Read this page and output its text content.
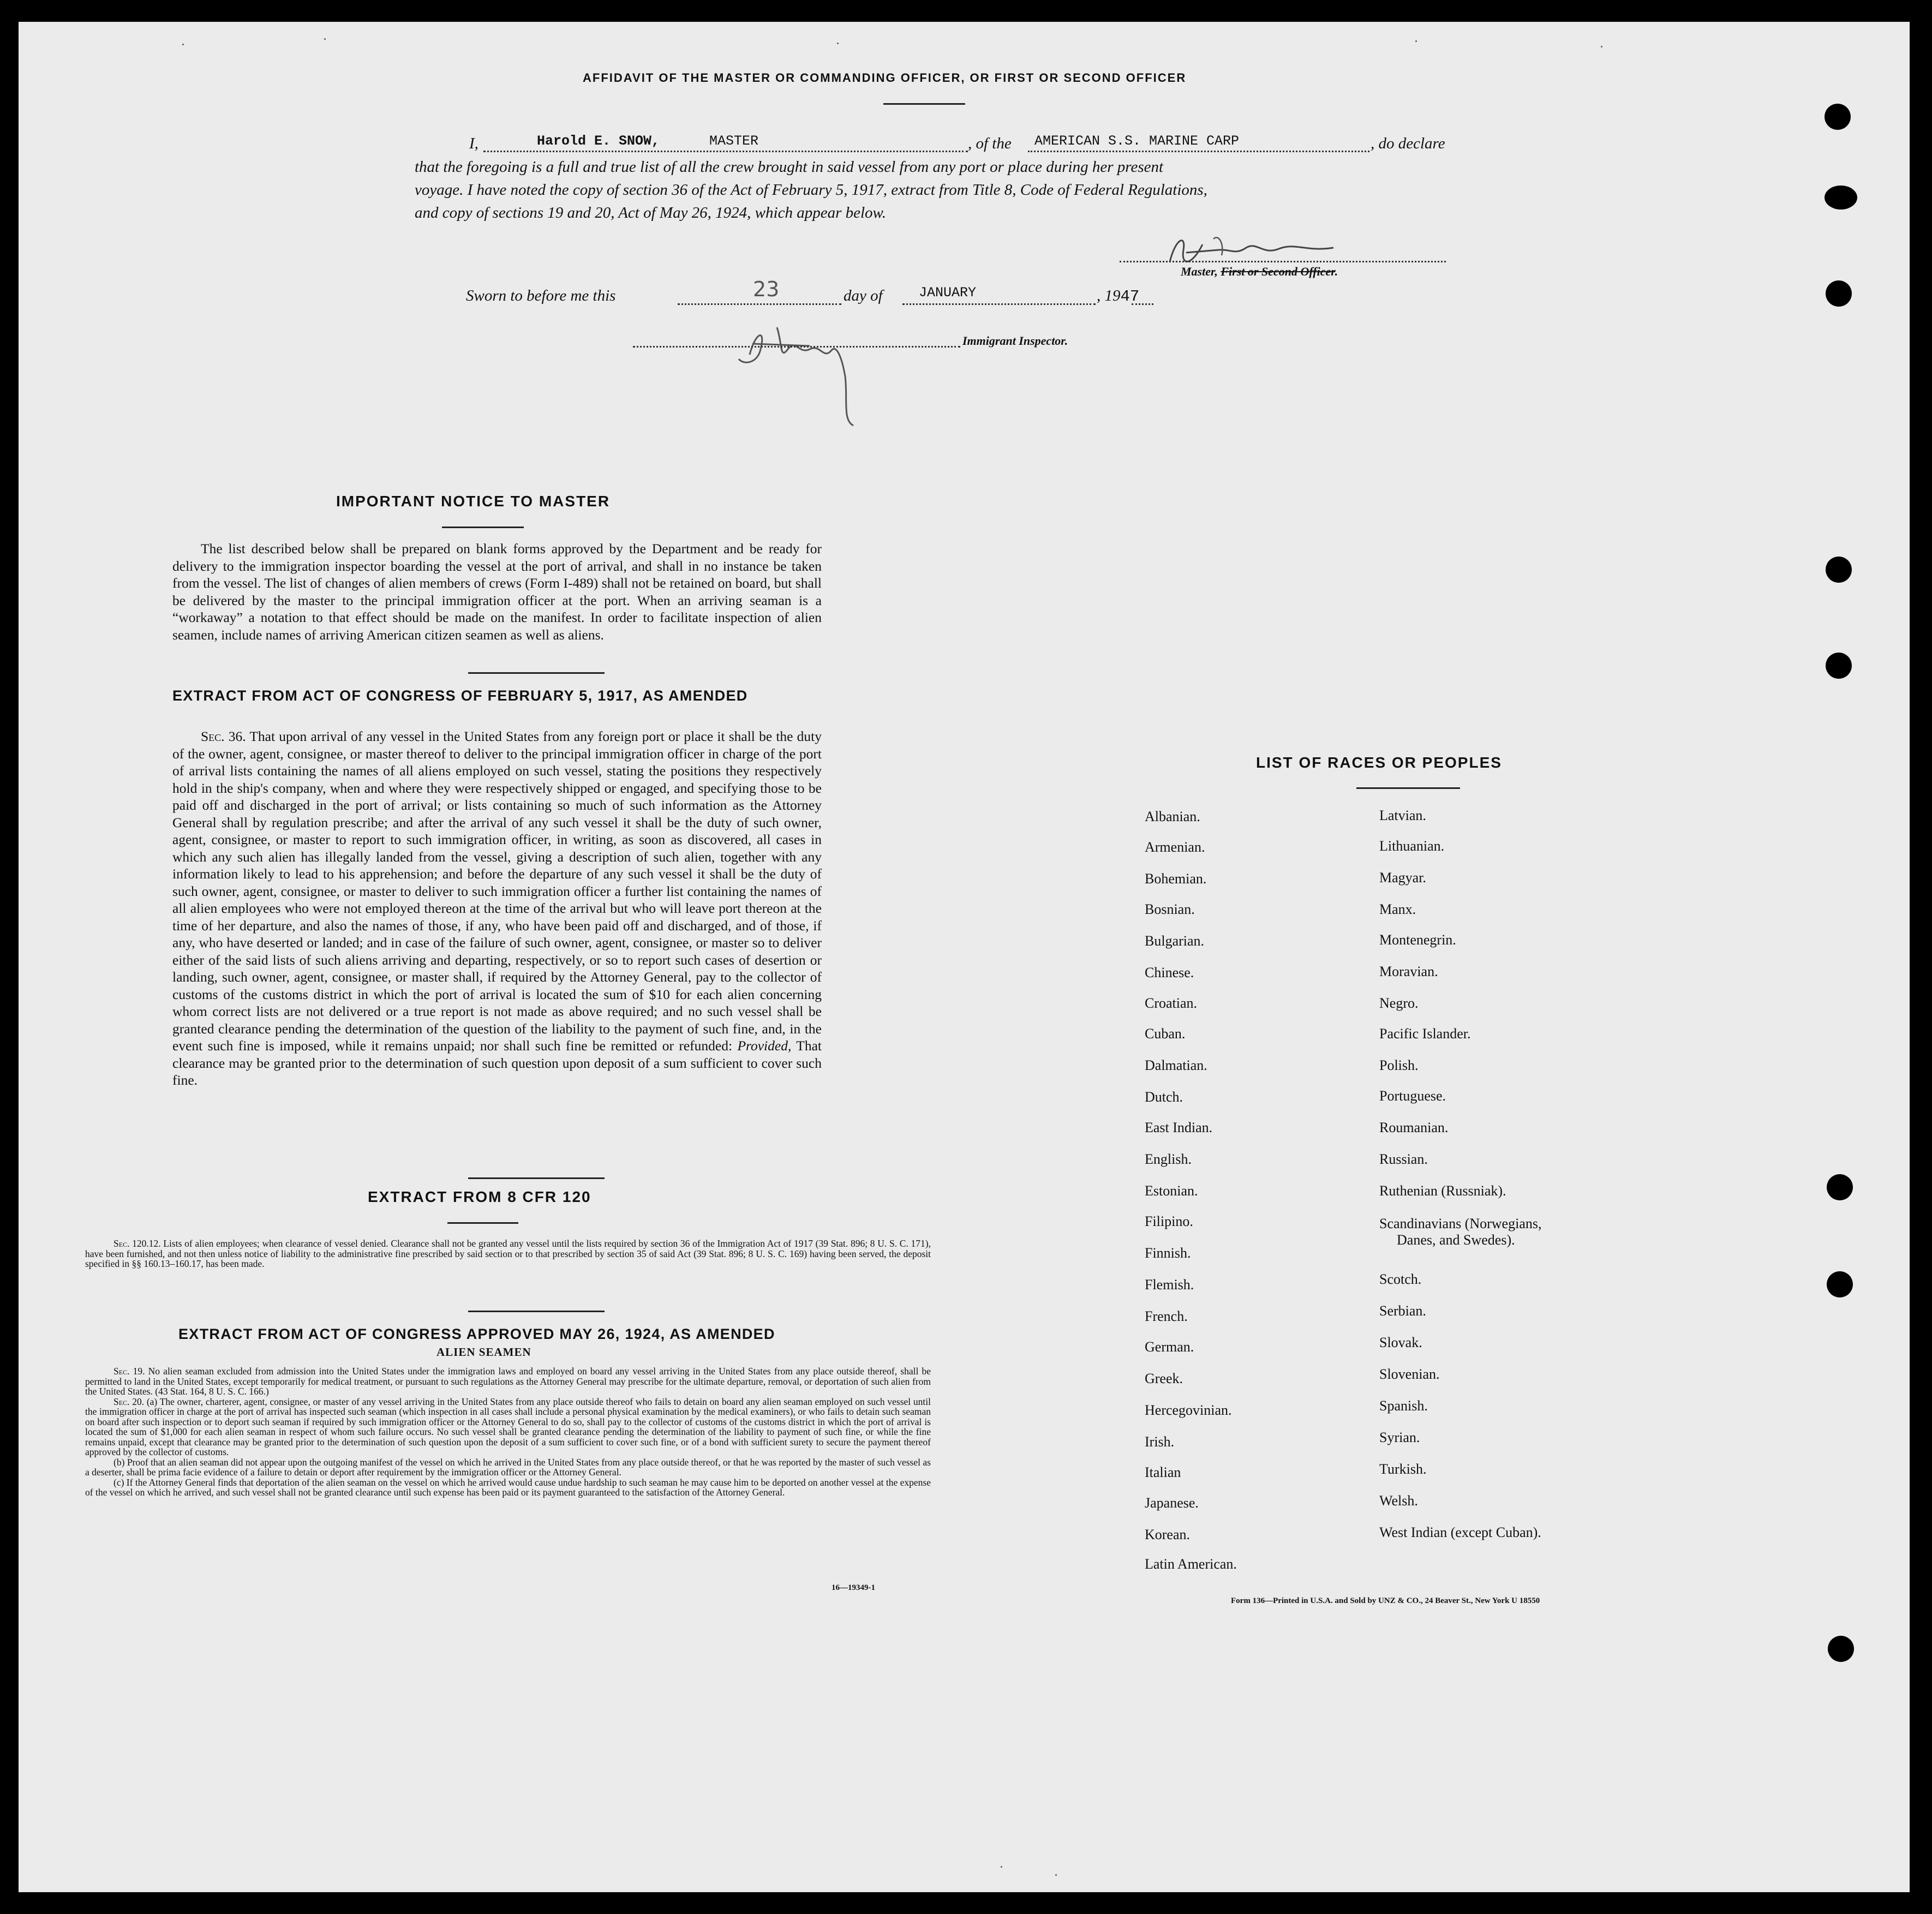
AFFIDAVIT OF THE MASTER OR COMMANDING OFFICER, OR FIRST OR SECOND OFFICER
I,	Harold E. SNOW,	MASTER	, of the AMERICAN S.S. MARINE CARP	, do declare
that the foregoing is a full and true list of all the crew brought in said vessel from any port or place during her present
voyage. I have noted the copy of section 36 of the Act of February 5, 1917, extract from Title 8, Code of Federal Regulations,
and copy of sections 19 and 20, Act of May 26, 1924, which appear below.
Master, First or Second Officer.
Sworn to before me this	23	day of	JANUARY	, 1947
Immigrant Inspector.
IMPORTANT NOTICE TO MASTER
The list described below shall be prepared on blank forms approved by the Department and be ready for delivery to the immigration inspector boarding the vessel at the port of arrival, and shall in no instance be taken from the vessel. The list of changes of alien members of crews (Form I-489) shall not be retained on board, but shall be delivered by the master to the principal immigration officer at the port. When an arriving seaman is a “workaway” a notation to that effect should be made on the manifest. In order to facilitate inspection of alien seamen, include names of arriving American citizen seamen as well as aliens.
EXTRACT FROM ACT OF CONGRESS OF FEBRUARY 5, 1917, AS AMENDED
Sec. 36. That upon arrival of any vessel in the United States from any foreign port or place it shall be the duty of the owner, agent, consignee, or master thereof to deliver to the principal immigration officer in charge of the port of arrival lists containing the names of all aliens employed on such vessel, stating the positions they respectively hold in the ship's company, when and where they were respectively shipped or engaged, and specifying those to be paid off and discharged in the port of arrival; or lists containing so much of such information as the Attorney General shall by regulation prescribe; and after the arrival of any such vessel it shall be the duty of such owner, agent, consignee, or master to report to such immigration officer, in writing, as soon as discovered, all cases in which any such alien has illegally landed from the vessel, giving a description of such alien, together with any information likely to lead to his apprehension; and before the departure of any such vessel it shall be the duty of such owner, agent, consignee, or master to deliver to such immigration officer a further list containing the names of all alien employees who were not employed thereon at the time of the arrival but who will leave port thereon at the time of her departure, and also the names of those, if any, who have been paid off and discharged, and of those, if any, who have deserted or landed; and in case of the failure of such owner, agent, consignee, or master so to deliver either of the said lists of such aliens arriving and departing, respectively, or so to report such cases of desertion or landing, such owner, agent, consignee, or master shall, if required by the Attorney General, pay to the collector of customs of the customs district in which the port of arrival is located the sum of $10 for each alien concerning whom correct lists are not delivered or a true report is not made as above required; and no such vessel shall be granted clearance pending the determination of the question of the liability to the payment of such fine, and, in the event such fine is imposed, while it remains unpaid; nor shall such fine be remitted or refunded: Provided, That clearance may be granted prior to the determination of such question upon deposit of a sum sufficient to cover such fine.
EXTRACT FROM 8 CFR 120
Sec. 120.12. Lists of alien employees; when clearance of vessel denied. Clearance shall not be granted any vessel until the lists required by section 36 of the Immigration Act of 1917 (39 Stat. 896; 8 U. S. C. 171), have been furnished, and not then unless notice of liability to the administrative fine prescribed by said section or to that prescribed by section 35 of said Act (39 Stat. 896; 8 U. S. C. 169) having been served, the deposit specified in §§ 160.13–160.17, has been made.
EXTRACT FROM ACT OF CONGRESS APPROVED MAY 26, 1924, AS AMENDED
ALIEN SEAMEN
Sec. 19. No alien seaman excluded from admission into the United States under the immigration laws and employed on board any vessel arriving in the United States from any place outside thereof, shall be permitted to land in the United States, except temporarily for medical treatment, or pursuant to such regulations as the Attorney General may prescribe for the ultimate departure, removal, or deportation of such alien from the United States. (43 Stat. 164, 8 U. S. C. 166.)
Sec. 20. (a) The owner, charterer, agent, consignee, or master of any vessel arriving in the United States from any place outside thereof who fails to detain on board any alien seaman employed on such vessel until the immigration officer in charge at the port of arrival has inspected such seaman (which inspection in all cases shall include a personal physical examination by the medical examiners), or who fails to detain such seaman on board after such inspection or to deport such seaman if required by such immigration officer or the Attorney General to do so, shall pay to the collector of customs of the customs district in which the port of arrival is located the sum of $1,000 for each alien seaman in respect of whom such failure occurs. No such vessel shall be granted clearance pending the determination of the liability to payment of such fine, or while the fine remains unpaid, except that clearance may be granted prior to the determination of such question upon the deposit of a sum sufficient to cover such fine, or of a bond with sufficient surety to secure the payment thereof approved by the collector of customs.
(b) Proof that an alien seaman did not appear upon the outgoing manifest of the vessel on which he arrived in the United States from any place outside thereof, or that he was reported by the master of such vessel as a deserter, shall be prima facie evidence of a failure to detain or deport after requirement by the immigration officer or the Attorney General.
(c) If the Attorney General finds that deportation of the alien seaman on the vessel on which he arrived would cause undue hardship to such seaman he may cause him to be deported on another vessel at the expense of the vessel on which he arrived, and such vessel shall not be granted clearance until such expense has been paid or its payment guaranteed to the satisfaction of the Attorney General.
16—19349-1
LIST OF RACES OR PEOPLES
Form 136—Printed in U.S.A. and Sold by UNZ & CO., 24 Beaver St., New York U 18550
Albanian.
Armenian.
Bohemian.
Bosnian.
Bulgarian.
Chinese.
Croatian.
Cuban.
Dalmatian.
Dutch.
East Indian.
English.
Estonian.
Filipino.
Finnish.
Flemish.
French.
German.
Greek.
Hercegovinian.
Irish.
Italian
Japanese.
Korean.
Latin American.
Latvian.
Lithuanian.
Magyar.
Manx.
Montenegrin.
Moravian.
Negro.
Pacific Islander.
Polish.
Portuguese.
Roumanian.
Russian.
Ruthenian (Russniak).
Scandinavians (Norwegians,
Danes, and Swedes).
Scotch.
Serbian.
Slovak.
Slovenian.
Spanish.
Syrian.
Turkish.
Welsh.
West Indian (except Cuban).
